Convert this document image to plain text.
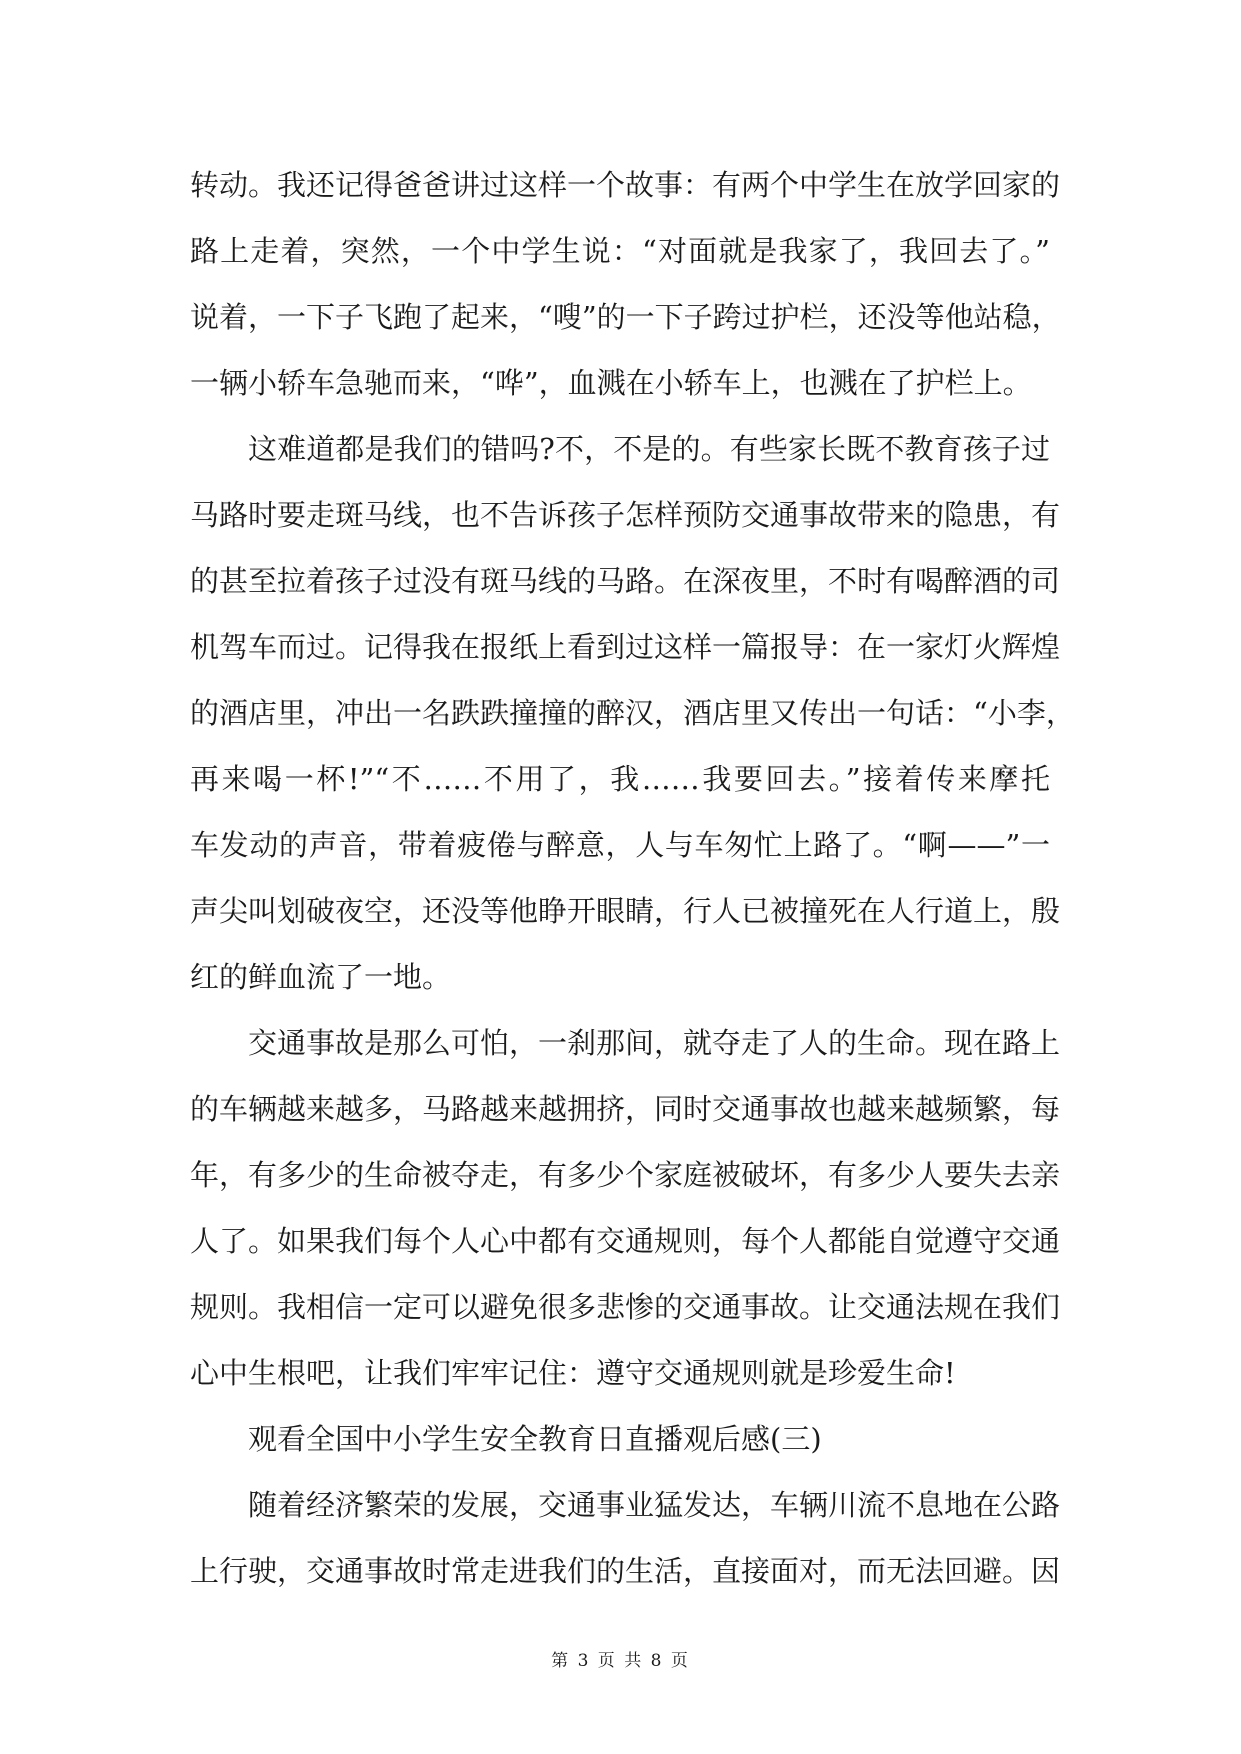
转动。我还记得爸爸讲过这样一个故事：有两个中学生在放学回家的
路上走着，突然，一个中学生说：“对面就是我家了，我回去了。”
说着，一下子飞跑了起来，“嗖”的一下子跨过护栏，还没等他站稳，
一辆小轿车急驰而来，“哗”，血溅在小轿车上，也溅在了护栏上。
这难道都是我们的错吗?不，不是的。有些家长既不教育孩子过
马路时要走斑马线，也不告诉孩子怎样预防交通事故带来的隐患，有
的甚至拉着孩子过没有斑马线的马路。在深夜里，不时有喝醉酒的司
机驾车而过。记得我在报纸上看到过这样一篇报导：在一家灯火辉煌
的酒店里，冲出一名跌跌撞撞的醉汉，酒店里又传出一句话：“小李，
再来喝一杯!”“不……不用了，我……我要回去。”接着传来摩托
车发动的声音，带着疲倦与醉意，人与车匆忙上路了。“啊——”一
声尖叫划破夜空，还没等他睁开眼睛，行人已被撞死在人行道上，殷
红的鲜血流了一地。
交通事故是那么可怕，一刹那间，就夺走了人的生命。现在路上
的车辆越来越多，马路越来越拥挤，同时交通事故也越来越频繁，每
年，有多少的生命被夺走，有多少个家庭被破坏，有多少人要失去亲
人了。如果我们每个人心中都有交通规则，每个人都能自觉遵守交通
规则。我相信一定可以避免很多悲惨的交通事故。让交通法规在我们
心中生根吧，让我们牢牢记住：遵守交通规则就是珍爱生命!
观看全国中小学生安全教育日直播观后感(三)
随着经济繁荣的发展，交通事业猛发达，车辆川流不息地在公路
上行驶，交通事故时常走进我们的生活，直接面对，而无法回避。因
第 3 页 共 8 页
